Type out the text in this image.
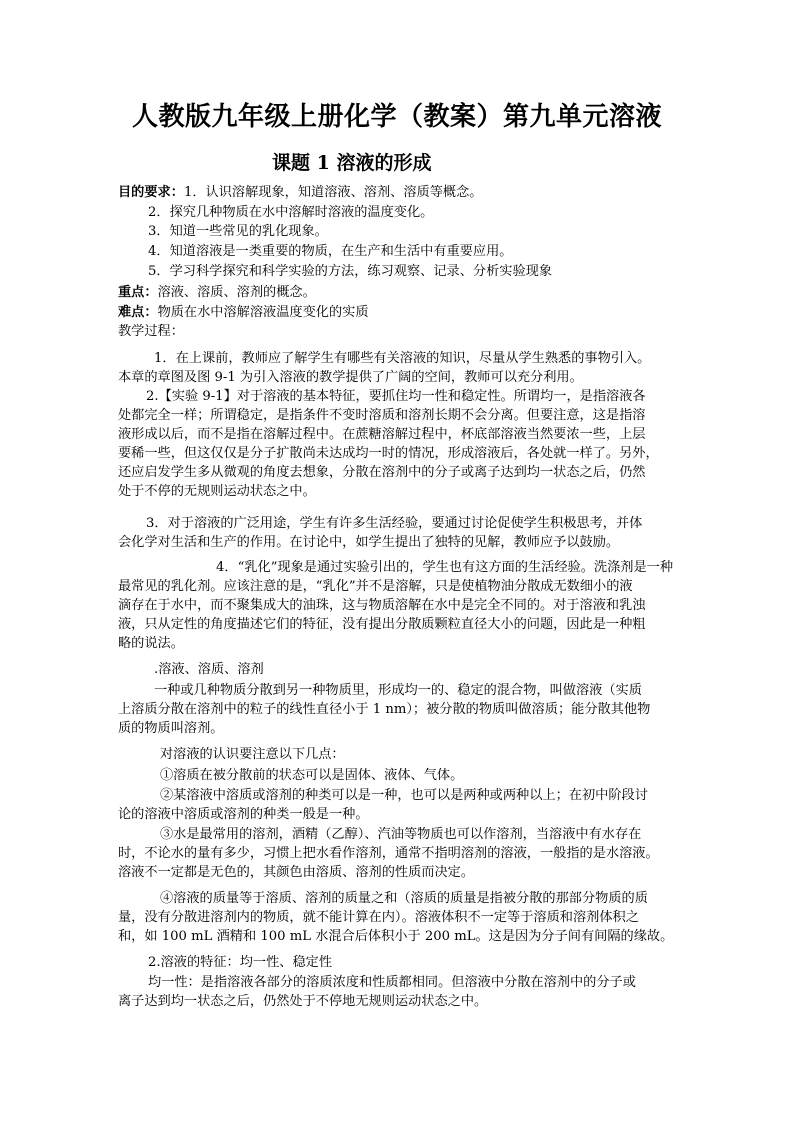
人教版九年级上册化学（教案）第九单元溶液
课题 1 溶液的形成
目的要求：1．认识溶解现象，知道溶液、溶剂、溶质等概念。
2．探究几种物质在水中溶解时溶液的温度变化。
3．知道一些常见的乳化现象。
4．知道溶液是一类重要的物质，在生产和生活中有重要应用。
5．学习科学探究和科学实验的方法，练习观察、记录、分析实验现象
重点：溶液、溶质、溶剂的概念。
难点：物质在水中溶解溶液温度变化的实质
教学过程：
1．在上课前，教师应了解学生有哪些有关溶液的知识，尽量从学生熟悉的事物引入。
本章的章图及图 9-1 为引入溶液的教学提供了广阔的空间，教师可以充分利用。
2.【实验 9-1】对于溶液的基本特征，要抓住均一性和稳定性。所谓均一，是指溶液各
处都完全一样；所谓稳定，是指条件不变时溶质和溶剂长期不会分离。但要注意，这是指溶
液形成以后，而不是指在溶解过程中。在蔗糖溶解过程中，杯底部溶液当然要浓一些，上层
要稀一些，但这仅仅是分子扩散尚未达成均一时的情况，形成溶液后，各处就一样了。另外，
还应启发学生多从微观的角度去想象，分散在溶剂中的分子或离子达到均一状态之后，仍然
处于不停的无规则运动状态之中。
3．对于溶液的广泛用途，学生有许多生活经验，要通过讨论促使学生积极思考，并体
会化学对生活和生产的作用。在讨论中，如学生提出了独特的见解，教师应予以鼓励。
4．“乳化”现象是通过实验引出的，学生也有这方面的生活经验。洗涤剂是一种
最常见的乳化剂。应该注意的是，“乳化”并不是溶解，只是使植物油分散成无数细小的液
滴存在于水中，而不聚集成大的油珠，这与物质溶解在水中是完全不同的。对于溶液和乳浊
液，只从定性的角度描述它们的特征，没有提出分散质颗粒直径大小的问题，因此是一种粗
略的说法。
.溶液、溶质、溶剂
一种或几种物质分散到另一种物质里，形成均一的、稳定的混合物，叫做溶液（实质
上溶质分散在溶剂中的粒子的线性直径小于 1 nm）；被分散的物质叫做溶质；能分散其他物
质的物质叫溶剂。
对溶液的认识要注意以下几点：
①溶质在被分散前的状态可以是固体、液体、气体。
②某溶液中溶质或溶剂的种类可以是一种，也可以是两种或两种以上；在初中阶段讨
论的溶液中溶质或溶剂的种类一般是一种。
③水是最常用的溶剂，酒精（乙醇）、汽油等物质也可以作溶剂，当溶液中有水存在
时，不论水的量有多少，习惯上把水看作溶剂，通常不指明溶剂的溶液，一般指的是水溶液。
溶液不一定都是无色的，其颜色由溶质、溶剂的性质而决定。
④溶液的质量等于溶质、溶剂的质量之和（溶质的质量是指被分散的那部分物质的质
量，没有分散进溶剂内的物质，就不能计算在内）。溶液体积不一定等于溶质和溶剂体积之
和，如 100 mL 酒精和 100 mL 水混合后体积小于 200 mL。这是因为分子间有间隔的缘故。
2.溶液的特征：均一性、稳定性
均一性：是指溶液各部分的溶质浓度和性质都相同。但溶液中分散在溶剂中的分子或
离子达到均一状态之后，仍然处于不停地无规则运动状态之中。
